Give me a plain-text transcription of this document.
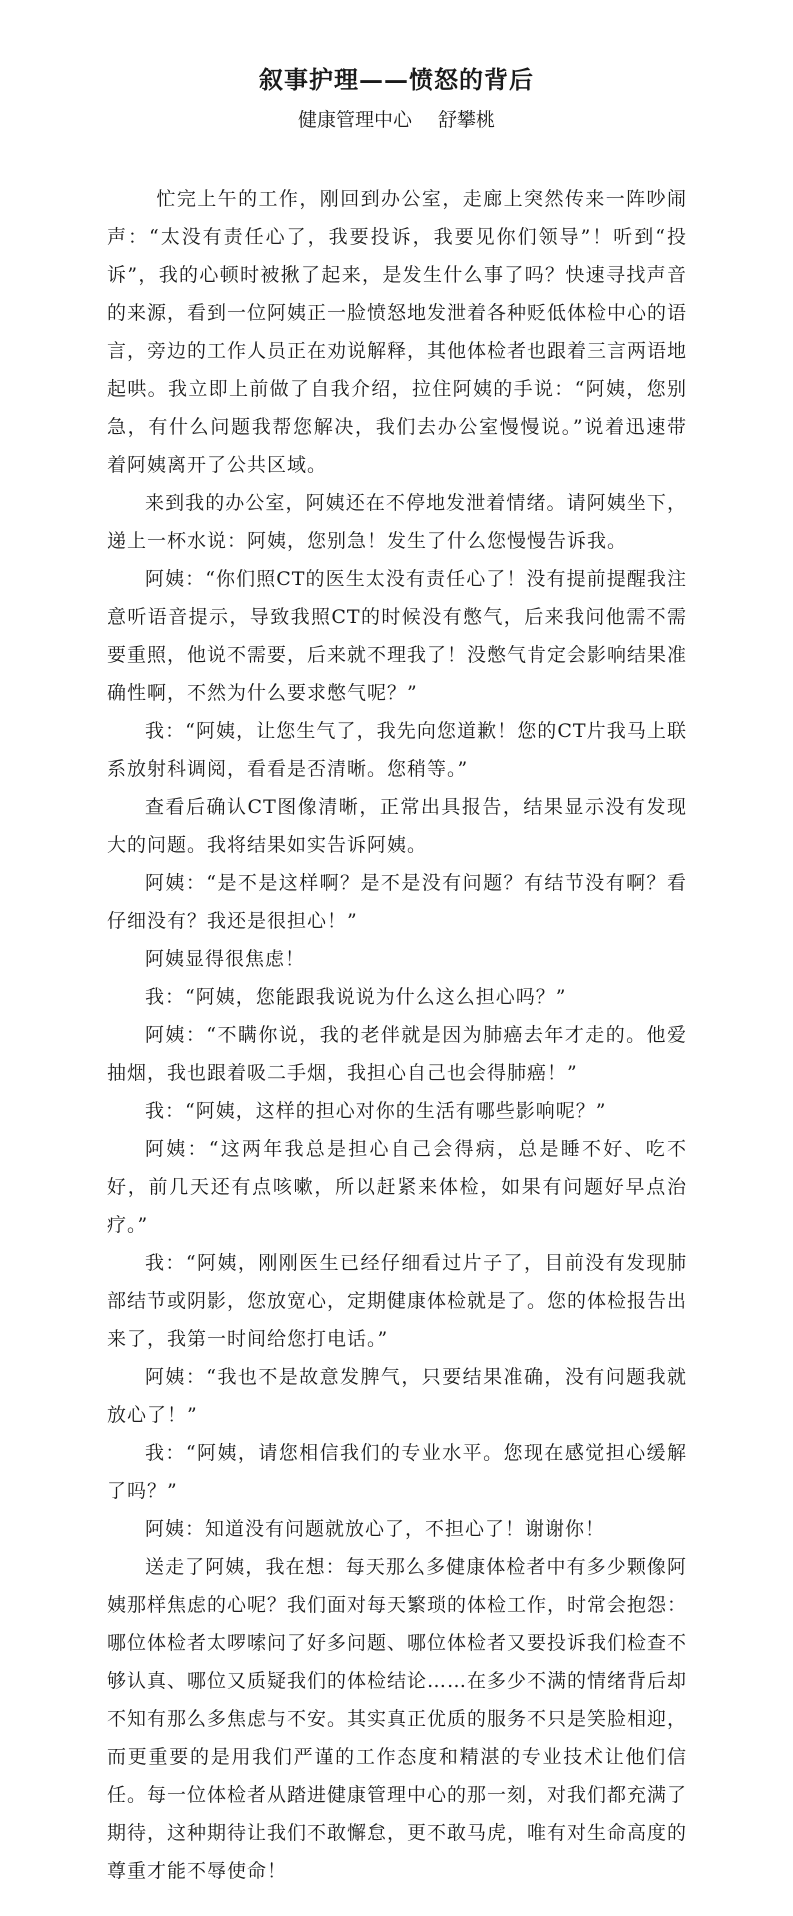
叙事护理——愤怒的背后
健康管理中心 舒攀桃

忙完上午的工作，刚回到办公室，走廊上突然传来一阵吵闹声：“太没有责任心了，我要投诉，我要见你们领导”！听到“投诉”，我的心顿时被揪了起来，是发生什么事了吗？快速寻找声音的来源，看到一位阿姨正一脸愤怒地发泄着各种贬低体检中心的语言，旁边的工作人员正在劝说解释，其他体检者也跟着三言两语地起哄。我立即上前做了自我介绍，拉住阿姨的手说：“阿姨，您别急，有什么问题我帮您解决，我们去办公室慢慢说。”说着迅速带着阿姨离开了公共区域。

来到我的办公室，阿姨还在不停地发泄着情绪。请阿姨坐下，递上一杯水说：阿姨，您别急！发生了什么您慢慢告诉我。

阿姨：“你们照CT的医生太没有责任心了！没有提前提醒我注意听语音提示，导致我照CT的时候没有憋气，后来我问他需不需要重照，他说不需要，后来就不理我了！没憋气肯定会影响结果准确性啊，不然为什么要求憋气呢？”

我：“阿姨，让您生气了，我先向您道歉！您的CT片我马上联系放射科调阅，看看是否清晰。您稍等。”

查看后确认CT图像清晰，正常出具报告，结果显示没有发现大的问题。我将结果如实告诉阿姨。

阿姨：“是不是这样啊？是不是没有问题？有结节没有啊？看仔细没有？我还是很担心！”

阿姨显得很焦虑！

我：“阿姨，您能跟我说说为什么这么担心吗？”

阿姨：“不瞒你说，我的老伴就是因为肺癌去年才走的。他爱抽烟，我也跟着吸二手烟，我担心自己也会得肺癌！”

我：“阿姨，这样的担心对你的生活有哪些影响呢？”

阿姨：“这两年我总是担心自己会得病，总是睡不好、吃不好，前几天还有点咳嗽，所以赶紧来体检，如果有问题好早点治疗。”

我：“阿姨，刚刚医生已经仔细看过片子了，目前没有发现肺部结节或阴影，您放宽心，定期健康体检就是了。您的体检报告出来了，我第一时间给您打电话。”

阿姨：“我也不是故意发脾气，只要结果准确，没有问题我就放心了！”

我：“阿姨，请您相信我们的专业水平。您现在感觉担心缓解了吗？”

阿姨：知道没有问题就放心了，不担心了！谢谢你！

送走了阿姨，我在想：每天那么多健康体检者中有多少颗像阿姨那样焦虑的心呢？我们面对每天繁琐的体检工作，时常会抱怨：哪位体检者太啰嗦问了好多问题、哪位体检者又要投诉我们检查不够认真、哪位又质疑我们的体检结论……在多少不满的情绪背后却不知有那么多焦虑与不安。其实真正优质的服务不只是笑脸相迎，而更重要的是用我们严谨的工作态度和精湛的专业技术让他们信任。每一位体检者从踏进健康管理中心的那一刻，对我们都充满了期待，这种期待让我们不敢懈怠，更不敢马虎，唯有对生命高度的尊重才能不辱使命！
